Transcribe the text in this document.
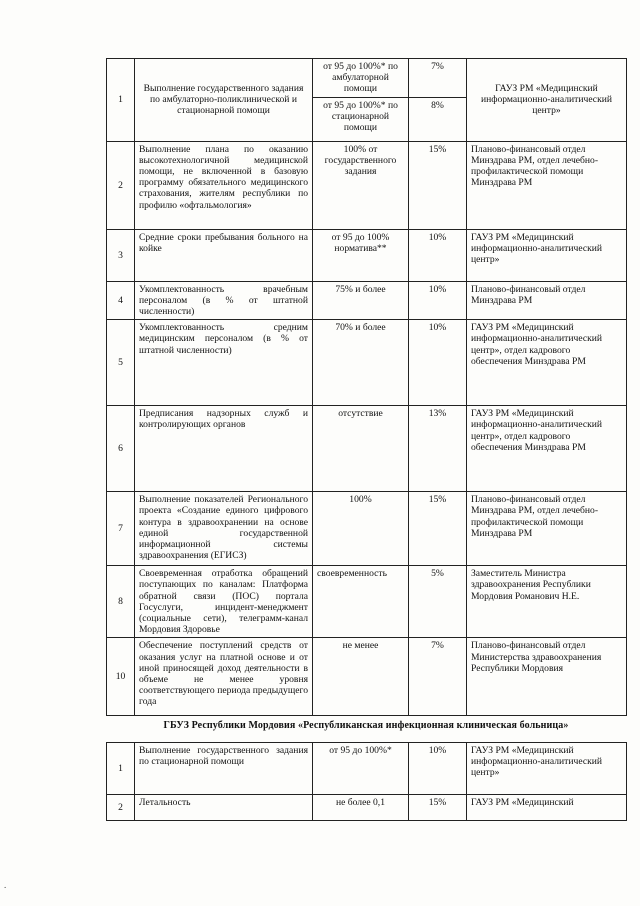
1	Выполнение государственного задания по амбулаторно-поликлинической и стационарной помощи	от 95 до 100%* по амбулаторной помощи	7%	ГАУЗ РМ «Медицинский информационно-аналитический центр»
		от 95 до 100%* по стационарной помощи	8%	
2	Выполнение плана по оказанию высокотехнологичной медицинской помощи, не включенной в базовую программу обязательного медицинского страхования, жителям республики по профилю «офтальмология»	100% от государственного задания	15%	Планово-финансовый отдел Минздрава РМ, отдел лечебно-профилактической помощи Минздрава РМ
3	Средние сроки пребывания больного на койке	от 95 до 100% норматива**	10%	ГАУЗ РМ «Медицинский информационно-аналитический центр»
4	Укомплектованность врачебным персоналом (в % от штатной численности)	75% и более	10%	Планово-финансовый отдел Минздрава РМ
5	Укомплектованность средним медицинским персоналом (в % от штатной численности)	70% и более	10%	ГАУЗ РМ «Медицинский информационно-аналитический центр», отдел кадрового обеспечения Минздрава РМ
6	Предписания надзорных служб и контролирующих органов	отсутствие	13%	ГАУЗ РМ «Медицинский информационно-аналитический центр», отдел кадрового обеспечения Минздрава РМ
7	Выполнение показателей Регионального проекта «Создание единого цифрового контура в здравоохранении на основе единой государственной информационной системы здравоохранения (ЕГИСЗ)	100%	15%	Планово-финансовый отдел Минздрава РМ, отдел лечебно-профилактической помощи Минздрава РМ
8	Своевременная отработка обращений поступающих по каналам: Платформа обратной связи (ПОС) портала Госуслуги, инцидент-менеджмент (социальные сети), телеграмм-канал Мордовия Здоровье	своевременность	5%	Заместитель Министра здравоохранения Республики Мордовия Романович Н.Е.
10	Обеспечение поступлений средств от оказания услуг на платной основе и от иной приносящей доход деятельности в объеме не менее уровня соответствующего периода предыдущего года	не менее	7%	Планово-финансовый отдел Министерства здравоохранения Республики Мордовия
ГБУЗ Республики Мордовия «Республиканская инфекционная клиническая больница»
1	Выполнение государственного задания по стационарной помощи	от 95 до 100%*	10%	ГАУЗ РМ «Медицинский информационно-аналитический центр»
2	Летальность	не более 0,1	15%	ГАУЗ РМ «Медицинский
.
